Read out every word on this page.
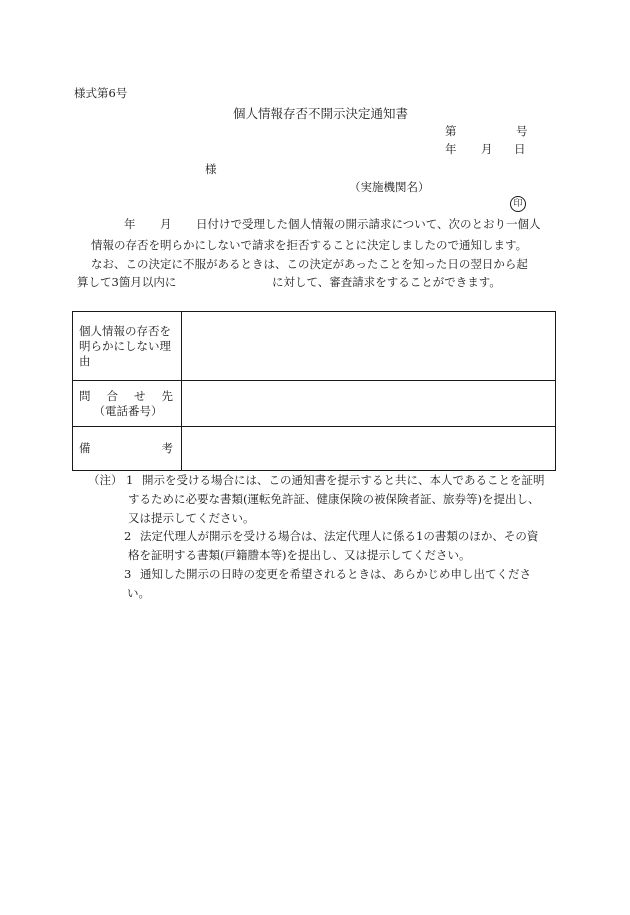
様式第6号
個人情報存否不開示決定通知書
第	号
年 月 日
様
（実施機関名）
印
年 月 日付けで受理した個人情報の開示請求について、次のとおり一個人
情報の存否を明らかにしないで請求を拒否することに決定しましたので通知します。
なお、この決定に不服があるときは、この決定があったことを知った日の翌日から起
算して3箇月以内に	に対して、審査請求をすることができます。
個人情報の存否を明らかにしない理由	

問 合 せ 先
（電話番号）	

備 考	

（注） 1 開示を受ける場合には、この通知書を提示すると共に、本人であることを証明
するために必要な書類(運転免許証、健康保険の被保険者証、旅券等)を提出し、
又は提示してください。
2 法定代理人が開示を受ける場合は、法定代理人に係る1の書類のほか、その資
格を証明する書類(戸籍謄本等)を提出し、又は提示してください。
3 通知した開示の日時の変更を希望されるときは、あらかじめ申し出てくださ
い。
